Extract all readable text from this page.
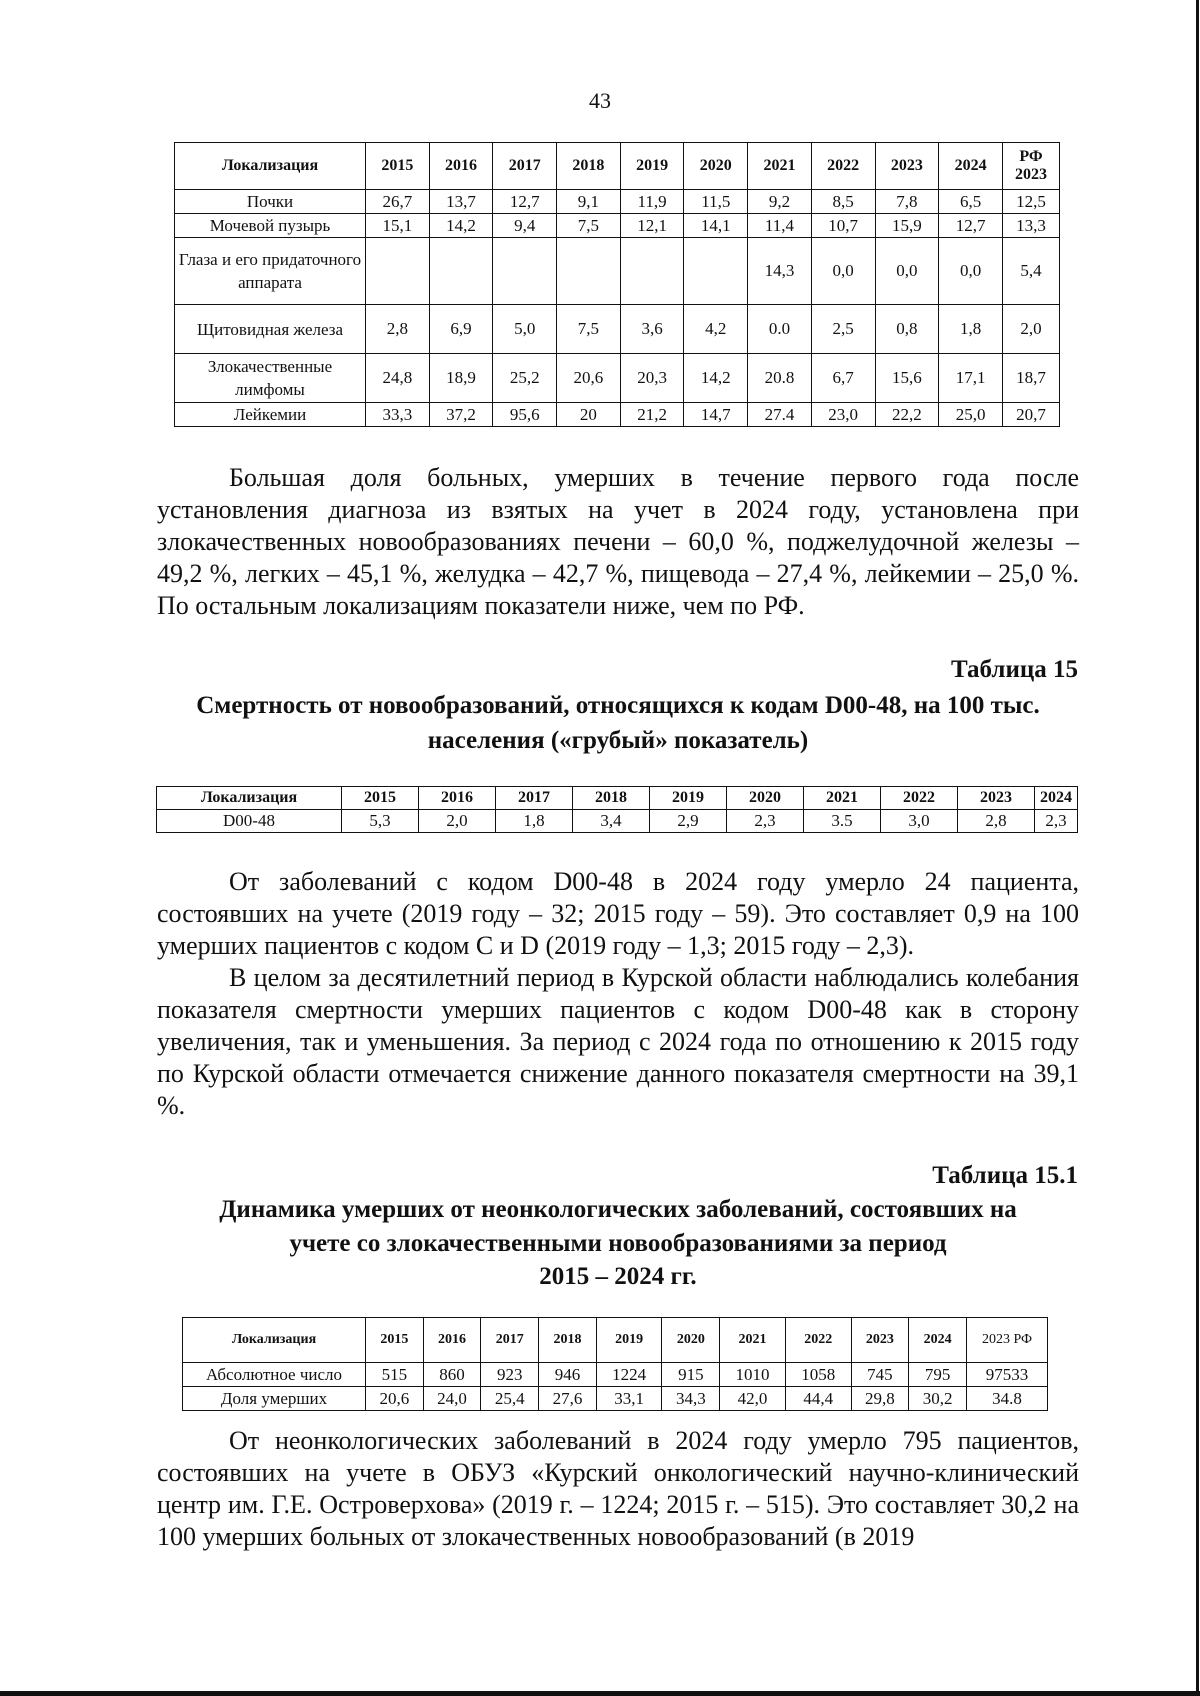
43
Локализация	2015	2016	2017	2018	2019	2020	2021	2022	2023	2024	РФ 2023
Почки	26,7	13,7	12,7	9,1	11,9	11,5	9,2	8,5	7,8	6,5	12,5
Мочевой пузырь	15,1	14,2	9,4	7,5	12,1	14,1	11,4	10,7	15,9	12,7	13,3
Глаза и его придаточного аппарата							14,3	0,0	0,0	0,0	5,4
Щитовидная железа	2,8	6,9	5,0	7,5	3,6	4,2	0.0	2,5	0,8	1,8	2,0
Злокачественные лимфомы	24,8	18,9	25,2	20,6	20,3	14,2	20.8	6,7	15,6	17,1	18,7
Лейкемии	33,3	37,2	95,6	20	21,2	14,7	27.4	23,0	22,2	25,0	20,7

Большая доля больных, умерших в течение первого года после установления диагноза из взятых на учет в 2024 году, установлена при злокачественных новообразованиях печени – 60,0 %, поджелудочной железы – 49,2 %, легких – 45,1 %, желудка – 42,7 %, пищевода – 27,4 %, лейкемии – 25,0 %. По остальным локализациям показатели ниже, чем по РФ.

Таблица 15

Смертность от новообразований, относящихся к кодам D00-48, на 100 тыс. населения («грубый» показатель)

Локализация	2015	2016	2017	2018	2019	2020	2021	2022	2023	2024
D00-48	5,3	2,0	1,8	3,4	2,9	2,3	3.5	3,0	2,8	2,3

От заболеваний с кодом D00-48 в 2024 году умерло 24 пациента, состоявших на учете (2019 году – 32; 2015 году – 59). Это составляет 0,9 на 100 умерших пациентов с кодом С и D (2019 году – 1,3; 2015 году – 2,3).

В целом за десятилетний период в Курской области наблюдались колебания показателя смертности умерших пациентов с кодом D00-48 как в сторону увеличения, так и уменьшения. За период с 2024 года по отношению к 2015 году по Курской области отмечается снижение данного показателя смертности на 39,1 %.

Таблица 15.1

Динамика умерших от неонкологических заболеваний, состоявших на

учете со злокачественными новообразованиями за период

2015 – 2024 гг.

Локализация	2015	2016	2017	2018	2019	2020	2021	2022	2023	2024	2023 РФ
Абсолютное число	515	860	923	946	1224	915	1010	1058	745	795	97533
Доля умерших	20,6	24,0	25,4	27,6	33,1	34,3	42,0	44,4	29,8	30,2	34.8

От неонкологических заболеваний в 2024 году умерло 795 пациентов, состоявших на учете в ОБУЗ «Курский онкологический научно-клинический центр им. Г.Е. Островерхова» (2019 г. – 1224; 2015 г. – 515). Это составляет 30,2 на 100 умерших больных от злокачественных новообразований (в 2019
